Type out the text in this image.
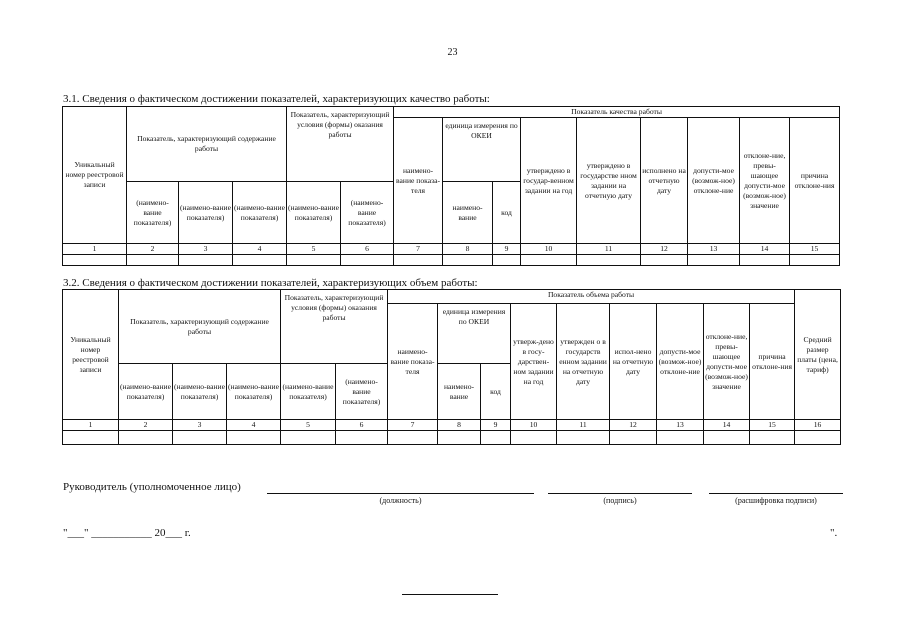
23
3.1. Сведения о фактическом достижении показателей, характеризующих качество работы:
Уникальный номер реестровой записи	Показатель, характеризующий содержание работы			Показатель, характеризующий условия (формы) оказания работы		Показатель качества работы								
						наимено-вание показа-теля	единица измерения по ОКЕИ		утверждено в государ-венном задании на год	утверждено в государстве нном задании на отчетную дату	исполнено на отчетную дату	допусти-мое (возмож-ное) отклоне-ние	отклоне-ние, превы-шающее допусти-мое (возмож-ное) значение	причина отклоне-ния
	(наимено-вание показателя)	(наимено-вание показателя)	(наимено-вание показателя)	(наимено-вание показателя)	(наимено-вание показателя)		наимено-вание	код						
1	2	3	4	5	6	7	8	9	10	11	12	13	14	15

3.2. Сведения о фактическом достижении показателей, характеризующих объем работы:
Уникальный номер реестровой записи	Показатель, характеризующий содержание работы			Показатель, характеризующий условия (формы) оказания работы		Показатель объема работы									Средний размер платы (цена, тариф)
						наимено-вание показа-теля	единица измерения по ОКЕИ		утверж-дено в госу-дарствен-ном задании на год	утвержден о в государств енном задании на отчетную дату	испол-нено на отчетную дату	допусти-мое (возмож-ное) отклоне-ние	отклоне-ние, превы-шающее допусти-мое (возмож-ное) значение	причина отклоне-ния	
	(наимено-вание показателя)	(наимено-вание показателя)	(наимено-вание показателя)	(наимено-вание показателя)	(наимено-вание показателя)		наимено-вание	код							
1	2	3	4	5	6	7	8	9	10	11	12	13	14	15	16

Руководитель (уполномоченное лицо)
(должность)	(подпись)	(расшифровка подписи)
"___" ___________ 20___ г.	".
